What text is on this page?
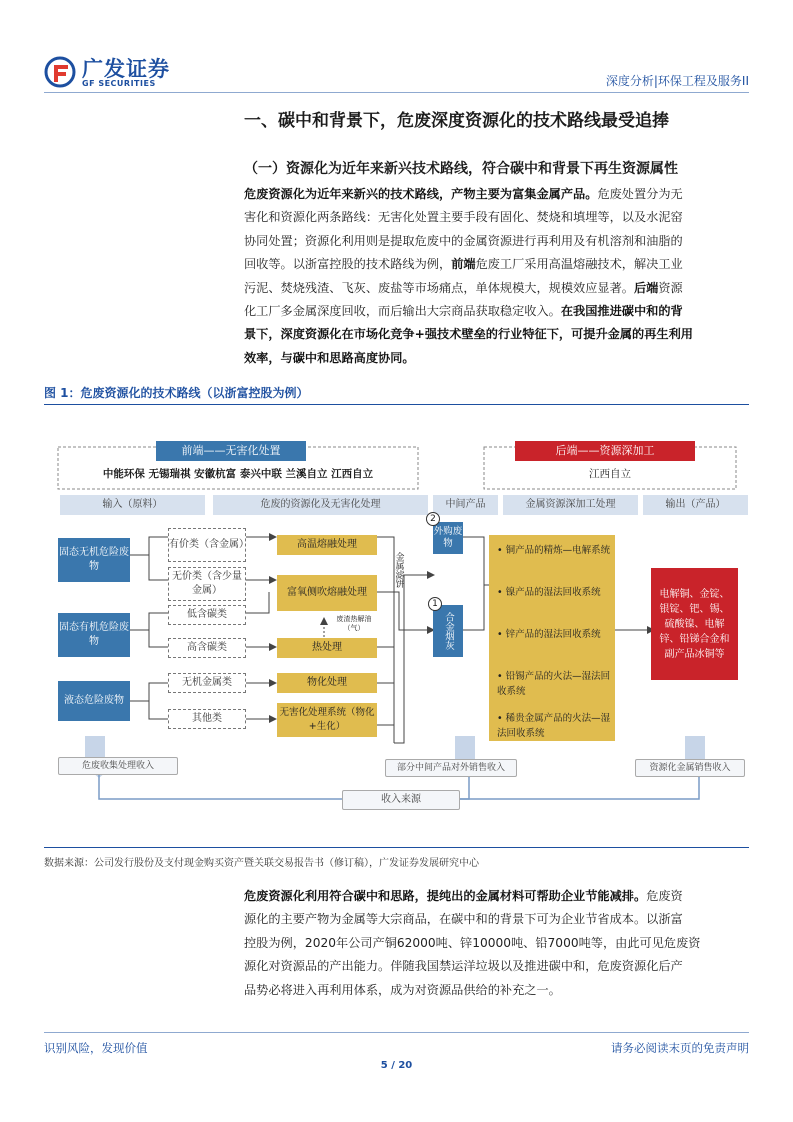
广发证券
GF SECURITIES	深度分析|环保工程及服务II
一、碳中和背景下，危废深度资源化的技术路线最受追捧
（一）资源化为近年来新兴技术路线，符合碳中和背景下再生资源属性
危废资源化为近年来新兴的技术路线，产物主要为富集金属产品。危废处置分为无
害化和资源化两条路线：无害化处置主要手段有固化、焚烧和填埋等，以及水泥窑
协同处置；资源化利用则是提取危废中的金属资源进行再利用及有机溶剂和油脂的
回收等。以浙富控股的技术路线为例，前端危废工厂采用高温熔融技术，解决工业
污泥、焚烧残渣、飞灰、废盐等市场痛点，单体规模大，规模效应显著。后端资源
化工厂多金属深度回收，而后输出大宗商品获取稳定收入。在我国推进碳中和的背
景下，深度资源化在市场化竞争+强技术壁垒的行业特征下，可提升金属的再生利用
效率，与碳中和思路高度协同。
图 1：危废资源化的技术路线（以浙富控股为例）
前端——无害化处置
中能环保 无锡瑞祺 安徽杭富 泰兴中联 兰溪自立 江西自立
后端——资源深加工
江西自立
输入（原料）	危废的资源化及无害化处理	中间产品	金属资源深加工处理	输出（产品）
固态无机危险废物
固态有机危险废物
液态危险废物
有价类（含金属）
无价类（含少量金属）
低含碳类
高含碳类
无机金属类
其他类
高温熔融处理
富氧侧吹熔融处理
废渣热解油（气）
热处理
物化处理
无害化处理系统（物化+生化）
金属滤饼
外购废物
合金烟灰
2
1
• 铜产品的精炼—电解系统
• 镍产品的湿法回收系统
• 锌产品的湿法回收系统
• 铅锡产品的火法—湿法回收系统
• 稀贵金属产品的火法—湿法回收系统
电解铜、金锭、银锭、钯、锡、硫酸镍、电解锌、铅锑合金和副产品冰铜等
危废收集处理收入	部分中间产品对外销售收入	资源化金属销售收入
收入来源
数据来源：公司发行股份及支付现金购买资产暨关联交易报告书（修订稿），广发证券发展研究中心
危废资源化利用符合碳中和思路，提纯出的金属材料可帮助企业节能减排。危废资
源化的主要产物为金属等大宗商品，在碳中和的背景下可为企业节省成本。以浙富
控股为例，2020年公司产铜62000吨、锌10000吨、铅7000吨等，由此可见危废资
源化对资源品的产出能力。伴随我国禁运洋垃圾以及推进碳中和，危废资源化后产
品势必将进入再利用体系，成为对资源品供给的补充之一。
识别风险，发现价值	请务必阅读末页的免责声明
5 / 20
